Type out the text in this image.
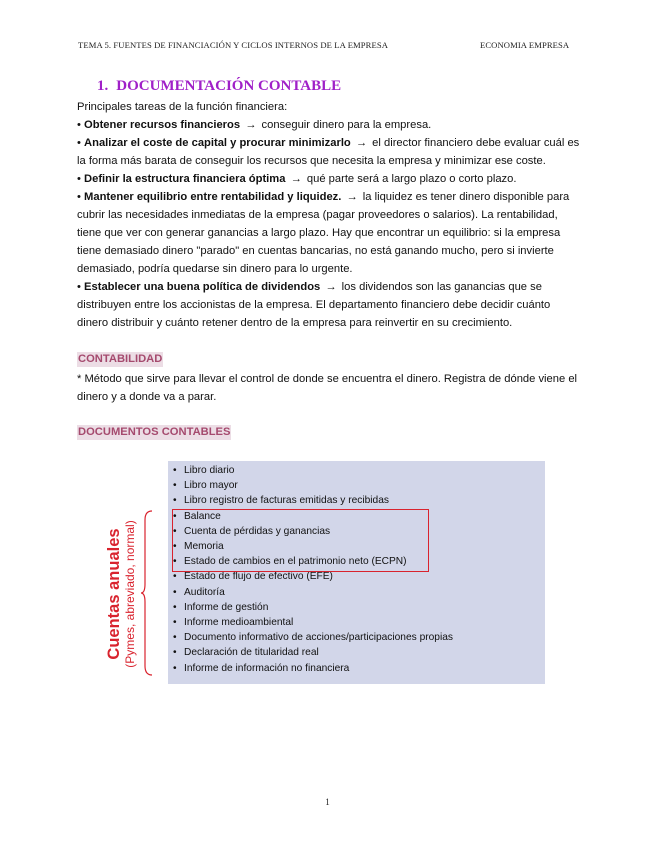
TEMA 5. FUENTES DE FINANCIACIÓN Y CICLOS INTERNOS DE LA EMPRESA	ECONOMIA EMPRESA
1. DOCUMENTACIÓN CONTABLE
Principales tareas de la función financiera:
• Obtener recursos financieros → conseguir dinero para la empresa.
• Analizar el coste de capital y procurar minimizarlo → el director financiero debe evaluar cuál es la forma más barata de conseguir los recursos que necesita la empresa y minimizar ese coste.
• Definir la estructura financiera óptima → qué parte será a largo plazo o corto plazo.
• Mantener equilibrio entre rentabilidad y liquidez. → la liquidez es tener dinero disponible para cubrir las necesidades inmediatas de la empresa (pagar proveedores o salarios). La rentabilidad, tiene que ver con generar ganancias a largo plazo. Hay que encontrar un equilibrio: si la empresa tiene demasiado dinero "parado" en cuentas bancarias, no está ganando mucho, pero si invierte demasiado, podría quedarse sin dinero para lo urgente.
• Establecer una buena política de dividendos → los dividendos son las ganancias que se distribuyen entre los accionistas de la empresa. El departamento financiero debe decidir cuánto dinero distribuir y cuánto retener dentro de la empresa para reinvertir en su crecimiento.
CONTABILIDAD
* Método que sirve para llevar el control de donde se encuentra el dinero. Registra de dónde viene el dinero y a donde va a parar.
DOCUMENTOS CONTABLES
• Libro diario
• Libro mayor
• Libro registro de facturas emitidas y recibidas
• Balance
• Cuenta de pérdidas y ganancias
• Memoria
• Estado de cambios en el patrimonio neto (ECPN)
• Estado de flujo de efectivo (EFE)
• Auditoría
• Informe de gestión
• Informe medioambiental
• Documento informativo de acciones/participaciones propias
• Declaración de titularidad real
• Informe de información no financiera
Cuentas anuales (Pymes, abreviado, normal)
1
